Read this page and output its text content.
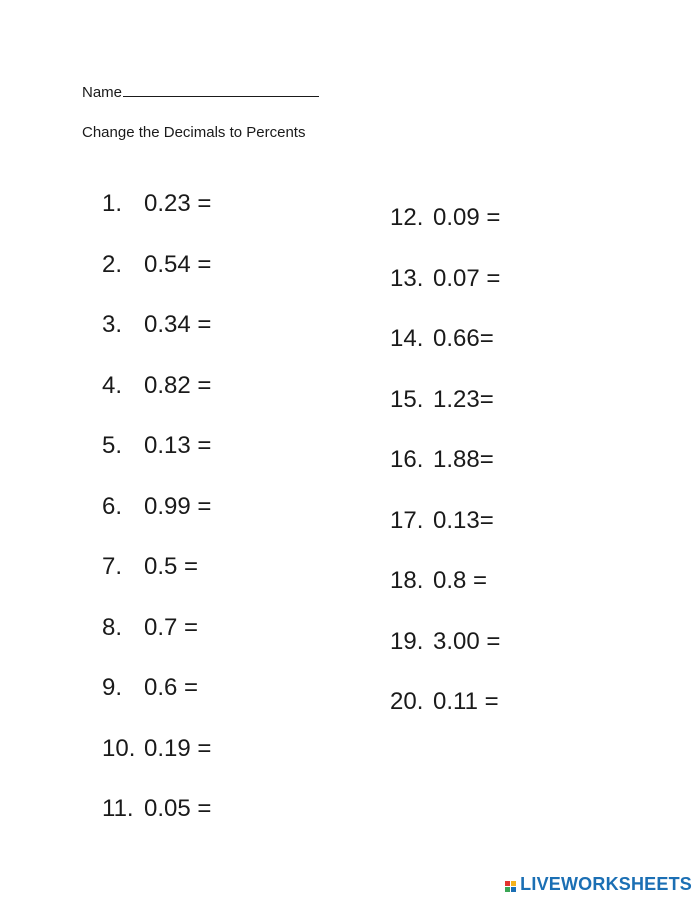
Name
Change the Decimals to Percents
1. 0.23 =
2. 0.54 =
3. 0.34 =
4. 0.82 =
5. 0.13 =
6. 0.99 =
7. 0.5 =
8. 0.7 =
9. 0.6 =
10. 0.19 =
11. 0.05 =
12. 0.09 =
13. 0.07 =
14. 0.66=
15. 1.23=
16. 1.88=
17. 0.13=
18. 0.8 =
19. 3.00 =
20. 0.11 =
LIVEWORKSHEETS
